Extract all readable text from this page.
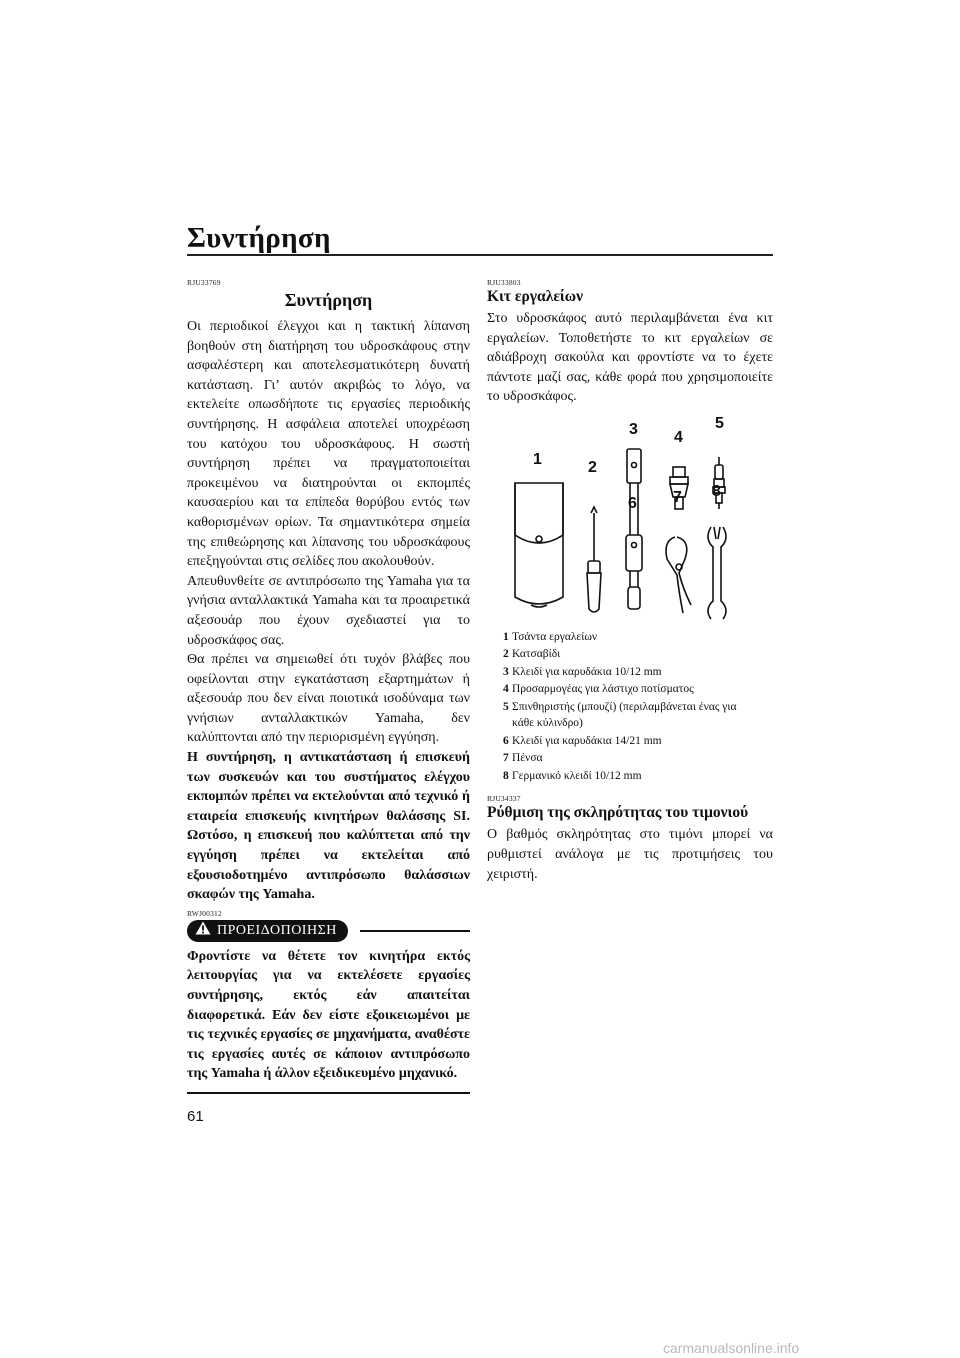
Συντήρηση
RJU33769
Συντήρηση

Οι περιοδικοί έλεγχοι και η τακτική λίπανση βοηθούν στη διατήρηση του υδροσκάφους στην ασφαλέστερη και αποτελεσματικότερη δυνατή κατάσταση. Γι’ αυτόν ακριβώς το λόγο, να εκτελείτε οπωσδήποτε τις εργασίες περιοδικής συντήρησης. Η ασφάλεια αποτελεί υποχρέωση του κατόχου του υδροσκάφους. Η σωστή συντήρηση πρέπει να πραγματοποιείται προκειμένου να διατηρούνται οι εκπομπές καυσαερίου και τα επίπεδα θορύβου εντός των καθορισμένων ορίων. Τα σημαντικότερα σημεία της επιθεώρησης και λίπανσης του υδροσκάφους επεξηγούνται στις σελίδες που ακολουθούν.

Απευθυνθείτε σε αντιπρόσωπο της Yamaha για τα γνήσια ανταλλακτικά Yamaha και τα προαιρετικά αξεσουάρ που έχουν σχεδιαστεί για το υδροσκάφος σας.

Θα πρέπει να σημειωθεί ότι τυχόν βλάβες που οφείλονται στην εγκατάσταση εξαρτημάτων ή αξεσουάρ που δεν είναι ποιοτικά ισοδύναμα των γνήσιων ανταλλακτικών Yamaha, δεν καλύπτονται από την περιορισμένη εγγύηση.

Η συντήρηση, η αντικατάσταση ή επισκευή των συσκευών και του συστήματος ελέγχου εκπομπών πρέπει να εκτελούνται από τεχνικό ή εταιρεία επισκευής κινητήρων θαλάσσης SI. Ωστόσο, η επισκευή που καλύπτεται από την εγγύηση πρέπει να εκτελείται από εξουσιοδοτημένο αντιπρόσωπο θαλάσσιων σκαφών της Yamaha.

RWJ00312
ΠΡΟΕΙΔΟΠΟΙΗΣΗ

Φροντίστε να θέτετε τον κινητήρα εκτός λειτουργίας για να εκτελέσετε εργασίες συντήρησης, εκτός εάν απαιτείται διαφορετικά. Εάν δεν είστε εξοικειωμένοι με τις τεχνικές εργασίες σε μηχανήματα, αναθέστε τις εργασίες αυτές σε κάποιον αντιπρόσωπο της Yamaha ή άλλον εξειδικευμένο μηχανικό.

RJU33803
Κιτ εργαλείων

Στο υδροσκάφος αυτό περιλαμβάνεται ένα κιτ εργαλείων. Τοποθετήστε το κιτ εργαλείων σε αδιάβροχη σακούλα και φροντίστε να το έχετε πάντοτε μαζί σας, κάθε φορά που χρησιμοποιείτε το υδροσκάφος.

1	2
3 4
5
6 7 8
1 Τσάντα εργαλείων
2 Κατσαβίδι
3 Κλειδί για καρυδάκια 10/12 mm
4 Προσαρμογέας για λάστιχο ποτίσματος
5 Σπινθηριστής (μπουζί) (περιλαμβάνεται ένας για κάθε κύλινδρο)
6 Κλειδί για καρυδάκια 14/21 mm
7 Πένσα
8 Γερμανικό κλειδί 10/12 mm
RJU34337
Ρύθμιση της σκληρότητας του τιμονιού

Ο βαθμός σκληρότητας στο τιμόνι μπορεί να ρυθμιστεί ανάλογα με τις προτιμήσεις του χειριστή.

61
carmanualsonline.info
